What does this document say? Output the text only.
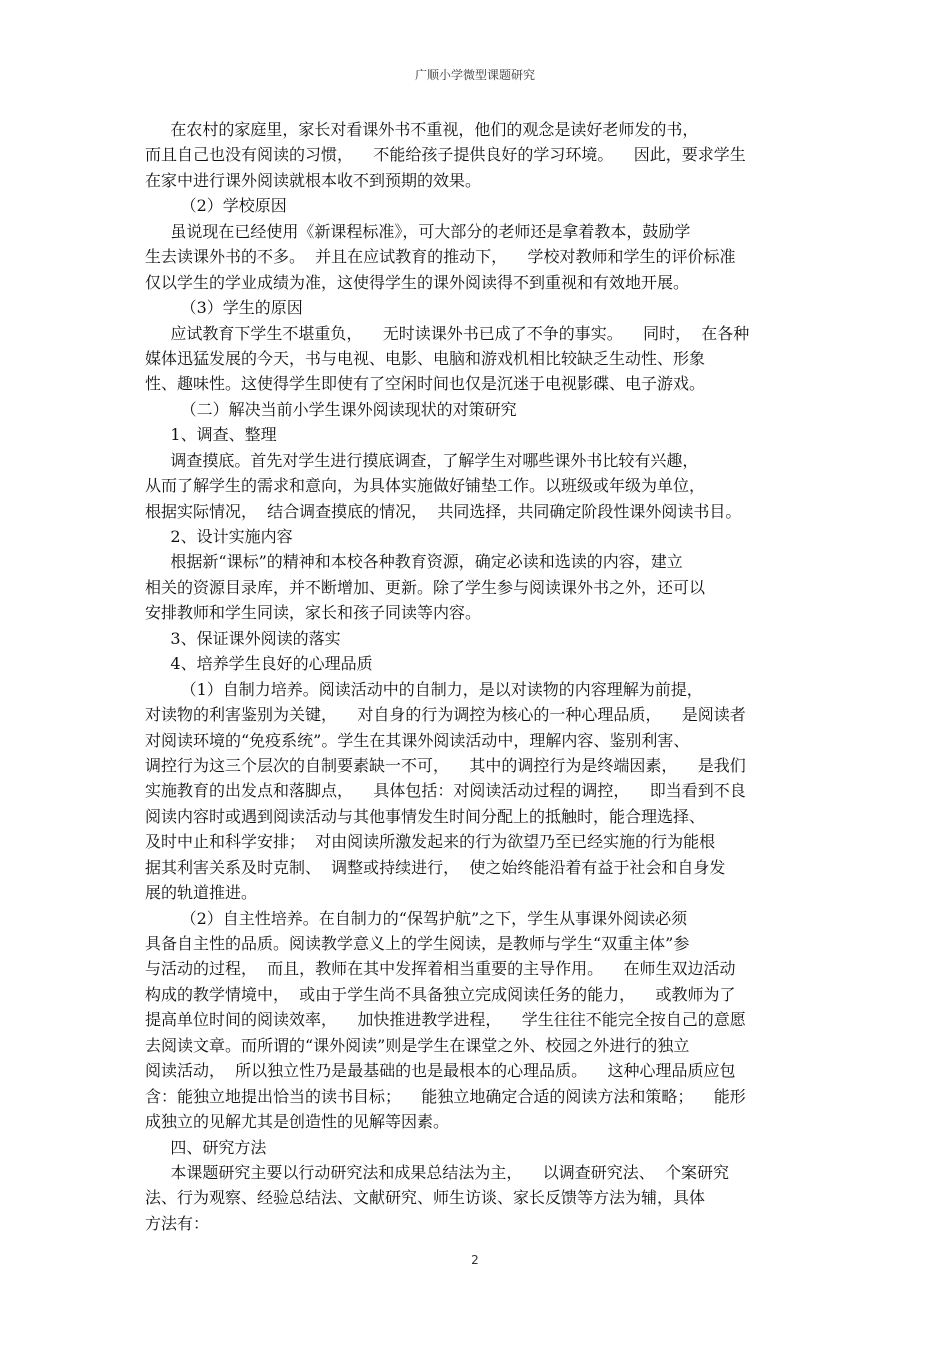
广顺小学微型课题研究
在农村的家庭里，家长对看课外书不重视，他们的观念是读好老师发的书，
而且自己也没有阅读的习惯，    不能给孩子提供良好的学习环境。    因此，要求学生
在家中进行课外阅读就根本收不到预期的效果。
（2）学校原因
虽说现在已经使用《新课程标准》，可大部分的老师还是拿着教本，鼓励学
生去读课外书的不多。  并且在应试教育的推动下，    学校对教师和学生的评价标准
仅以学生的学业成绩为准，这使得学生的课外阅读得不到重视和有效地开展。
（3）学生的原因
应试教育下学生不堪重负，    无时读课外书已成了不争的事实。    同时，  在各种
媒体迅猛发展的今天，书与电视、电影、电脑和游戏机相比较缺乏生动性、形象
性、趣味性。这使得学生即使有了空闲时间也仅是沉迷于电视影碟、电子游戏。
（二）解决当前小学生课外阅读现状的对策研究
1、调查、整理
调查摸底。首先对学生进行摸底调查，了解学生对哪些课外书比较有兴趣，
从而了解学生的需求和意向，为具体实施做好铺垫工作。以班级或年级为单位，
根据实际情况，  结合调查摸底的情况，  共同选择，共同确定阶段性课外阅读书目。
2、设计实施内容
根据新“课标”的精神和本校各种教育资源，确定必读和选读的内容，建立
相关的资源目录库，并不断增加、更新。除了学生参与阅读课外书之外，还可以
安排教师和学生同读，家长和孩子同读等内容。
3、保证课外阅读的落实
4、培养学生良好的心理品质
（1）自制力培养。阅读活动中的自制力，是以对读物的内容理解为前提，
对读物的利害鉴别为关键，    对自身的行为调控为核心的一种心理品质，    是阅读者
对阅读环境的“免疫系统”。学生在其课外阅读活动中，理解内容、鉴别利害、
调控行为这三个层次的自制要素缺一不可，    其中的调控行为是终端因素，    是我们
实施教育的出发点和落脚点，    具体包括：对阅读活动过程的调控，    即当看到不良
阅读内容时或遇到阅读活动与其他事情发生时间分配上的抵触时，能合理选择、
及时中止和科学安排；  对由阅读所激发起来的行为欲望乃至已经实施的行为能根
据其利害关系及时克制、  调整或持续进行，  使之始终能沿着有益于社会和自身发
展的轨道推进。
（2）自主性培养。在自制力的“保驾护航”之下，学生从事课外阅读必须
具备自主性的品质。阅读教学意义上的学生阅读，是教师与学生“双重主体”参
与活动的过程，  而且，教师在其中发挥着相当重要的主导作用。    在师生双边活动
构成的教学情境中，  或由于学生尚不具备独立完成阅读任务的能力，    或教师为了
提高单位时间的阅读效率，    加快推进教学进程，    学生往往不能完全按自己的意愿
去阅读文章。而所谓的“课外阅读”则是学生在课堂之外、校园之外进行的独立
阅读活动，  所以独立性乃是最基础的也是最根本的心理品质。    这种心理品质应包
含：能独立地提出恰当的读书目标；    能独立地确定合适的阅读方法和策略；    能形
成独立的见解尤其是创造性的见解等因素。
四、研究方法
本课题研究主要以行动研究法和成果总结法为主，    以调查研究法、  个案研究
法、行为观察、经验总结法、文献研究、师生访谈、家长反馈等方法为辅，具体
方法有：
2
